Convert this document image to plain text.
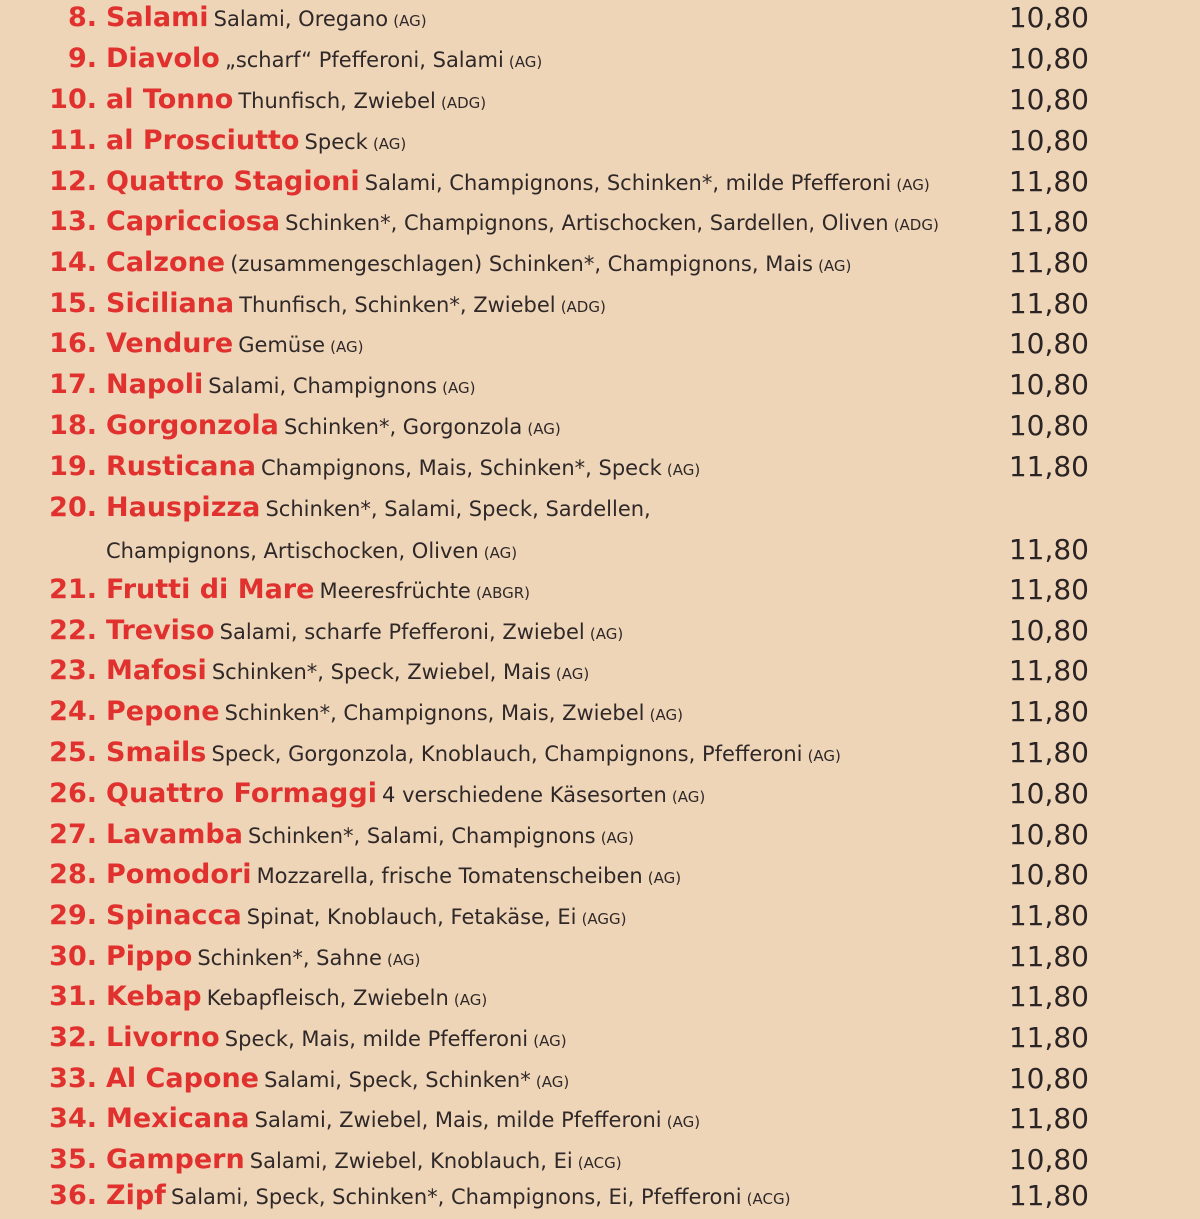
8. Salami Salami, Oregano (AG)	10,80
9. Diavolo „scharf“ Pfefferoni, Salami (AG)	10,80
10. al Tonno Thunfisch, Zwiebel (ADG)	10,80
11. al Prosciutto Speck (AG)	10,80
12. Quattro Stagioni Salami, Champignons, Schinken*, milde Pfefferoni (AG)	11,80
13. Capricciosa Schinken*, Champignons, Artischocken, Sardellen, Oliven (ADG)	11,80
14. Calzone (zusammengeschlagen) Schinken*, Champignons, Mais (AG)	11,80
15. Siciliana Thunfisch, Schinken*, Zwiebel (ADG)	11,80
16. Vendure Gemüse (AG)	10,80
17. Napoli Salami, Champignons (AG)	10,80
18. Gorgonzola Schinken*, Gorgonzola (AG)	10,80
19. Rusticana Champignons, Mais, Schinken*, Speck (AG)	11,80
20. Hauspizza Schinken*, Salami, Speck, Sardellen,
Champignons, Artischocken, Oliven (AG)	11,80
21. Frutti di Mare Meeresfrüchte (ABGR)	11,80
22. Treviso Salami, scharfe Pfefferoni, Zwiebel (AG)	10,80
23. Mafosi Schinken*, Speck, Zwiebel, Mais (AG)	11,80
24. Pepone Schinken*, Champignons, Mais, Zwiebel (AG)	11,80
25. Smails Speck, Gorgonzola, Knoblauch, Champignons, Pfefferoni (AG)	11,80
26. Quattro Formaggi 4 verschiedene Käsesorten (AG)	10,80
27. Lavamba Schinken*, Salami, Champignons (AG)	10,80
28. Pomodori Mozzarella, frische Tomatenscheiben (AG)	10,80
29. Spinacca Spinat, Knoblauch, Fetakäse, Ei (AGG)	11,80
30. Pippo Schinken*, Sahne (AG)	11,80
31. Kebap Kebapfleisch, Zwiebeln (AG)	11,80
32. Livorno Speck, Mais, milde Pfefferoni (AG)	11,80
33. Al Capone Salami, Speck, Schinken* (AG)	10,80
34. Mexicana Salami, Zwiebel, Mais, milde Pfefferoni (AG)	11,80
35. Gampern Salami, Zwiebel, Knoblauch, Ei (ACG)	10,80
36. Zipf Salami, Speck, Schinken*, Champignons, Ei, Pfefferoni (ACG)	11,80
